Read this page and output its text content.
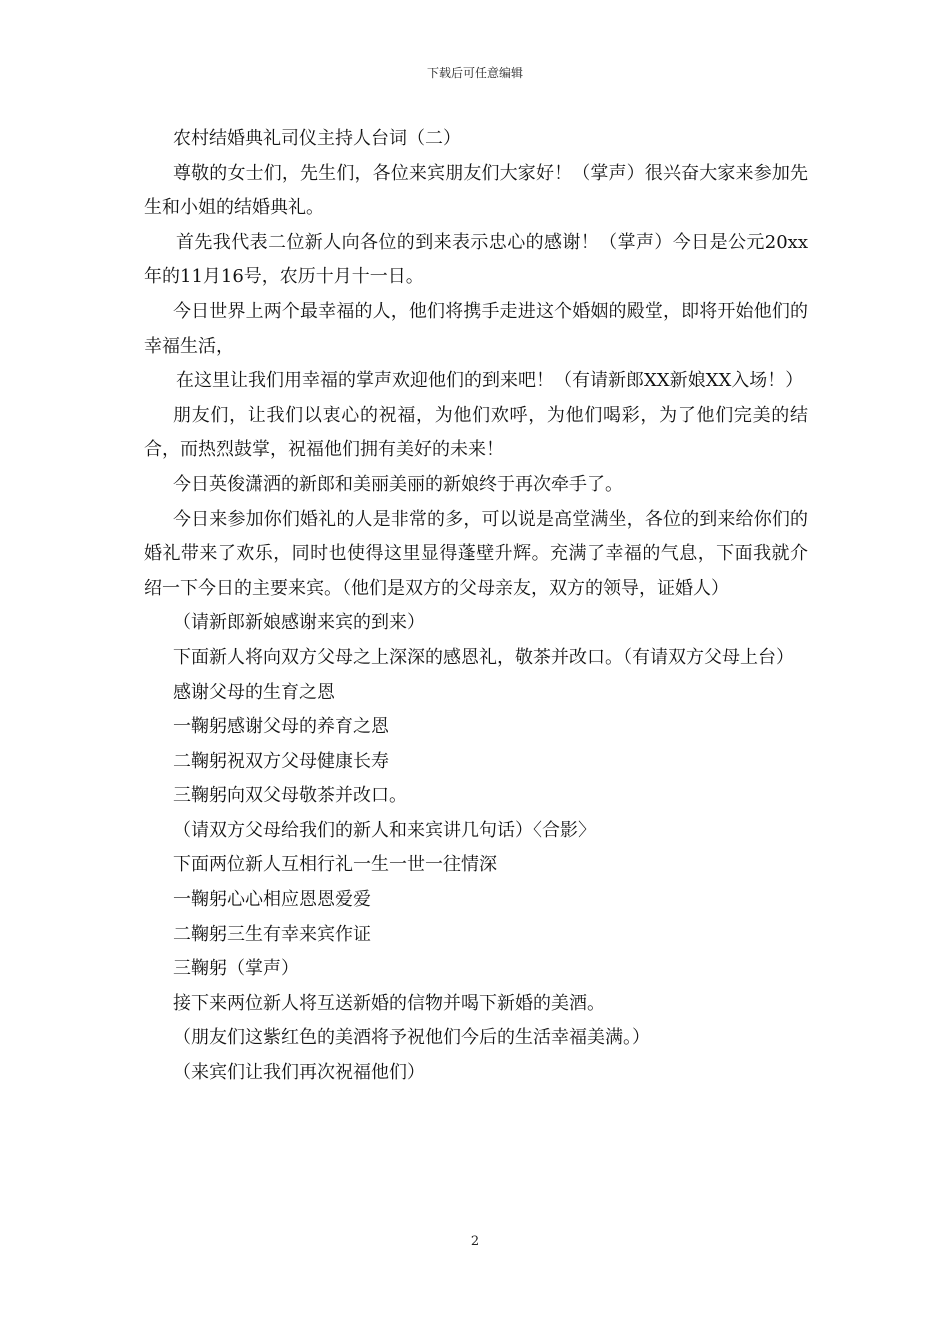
下载后可任意编辑

农村结婚典礼司仪主持人台词（二）

尊敬的女士们，先生们，各位来宾朋友们大家好！（掌声）很兴奋大家来参加先生和小姐的结婚典礼。

首先我代表二位新人向各位的到来表示忠心的感谢！（掌声）今日是公元20xx年的11月16号，农历十月十一日。

今日世界上两个最幸福的人，他们将携手走进这个婚姻的殿堂，即将开始他们的幸福生活，

在这里让我们用幸福的掌声欢迎他们的到来吧！（有请新郎XX新娘XX入场！）

朋友们，让我们以衷心的祝福，为他们欢呼，为他们喝彩，为了他们完美的结合，而热烈鼓掌，祝福他们拥有美好的未来！

今日英俊潇洒的新郎和美丽美丽的新娘终于再次牵手了。

今日来参加你们婚礼的人是非常的多，可以说是高堂满坐，各位的到来给你们的婚礼带来了欢乐，同时也使得这里显得蓬壁升辉。充满了幸福的气息，下面我就介绍一下今日的主要来宾。（他们是双方的父母亲友，双方的领导，证婚人）

（请新郎新娘感谢来宾的到来）

下面新人将向双方父母之上深深的感恩礼，敬茶并改口。（有请双方父母上台）

感谢父母的生育之恩

一鞠躬感谢父母的养育之恩

二鞠躬祝双方父母健康长寿

三鞠躬向双父母敬茶并改口。

（请双方父母给我们的新人和来宾讲几句话）〈合影〉

下面两位新人互相行礼一生一世一往情深

一鞠躬心心相应恩恩爱爱

二鞠躬三生有幸来宾作证

三鞠躬（掌声）

接下来两位新人将互送新婚的信物并喝下新婚的美酒。

（朋友们这紫红色的美酒将予祝他们今后的生活幸福美满。）

（来宾们让我们再次祝福他们）

2
